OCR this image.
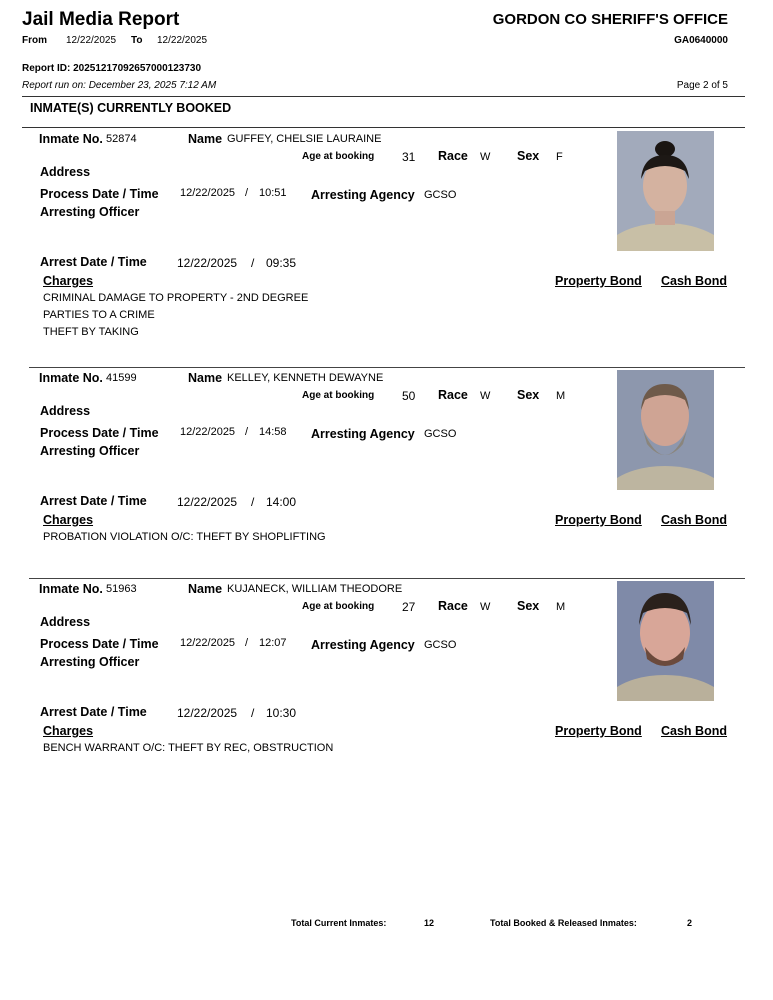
Jail Media Report
From 12/22/2025 To 12/22/2025
GORDON CO SHERIFF'S OFFICE
GA0640000
Report ID: 20251217092657000123730
Report run on: December 23, 2025 7:12 AM	Page 2 of 5
INMATE(S) CURRENTLY BOOKED
Inmate No. 52874	Name GUFFEY, CHELSIE LAURAINE
Age at booking 31 Race W Sex F
Address
Process Date / Time 12/22/2025 / 10:51 Arresting Agency GCSO
Arresting Officer
Arrest Date / Time	12/22/2025 / 09:35
Charges	Property Bond Cash Bond
CRIMINAL DAMAGE TO PROPERTY - 2ND DEGREE
PARTIES TO A CRIME
THEFT BY TAKING
Inmate No. 41599	Name KELLEY, KENNETH DEWAYNE
Age at booking 50 Race W Sex M
Address
Process Date / Time 12/22/2025 / 14:58 Arresting Agency GCSO
Arresting Officer
Arrest Date / Time	12/22/2025 / 14:00
Charges	Property Bond Cash Bond
PROBATION VIOLATION O/C: THEFT BY SHOPLIFTING
Inmate No. 51963	Name KUJANECK, WILLIAM THEODORE
Age at booking 27 Race W Sex M
Address
Process Date / Time 12/22/2025 / 12:07 Arresting Agency GCSO
Arresting Officer
Arrest Date / Time	12/22/2025 / 10:30
Charges	Property Bond Cash Bond
BENCH WARRANT O/C: THEFT BY REC, OBSTRUCTION
Total Current Inmates:	12	Total Booked & Released Inmates:	2
